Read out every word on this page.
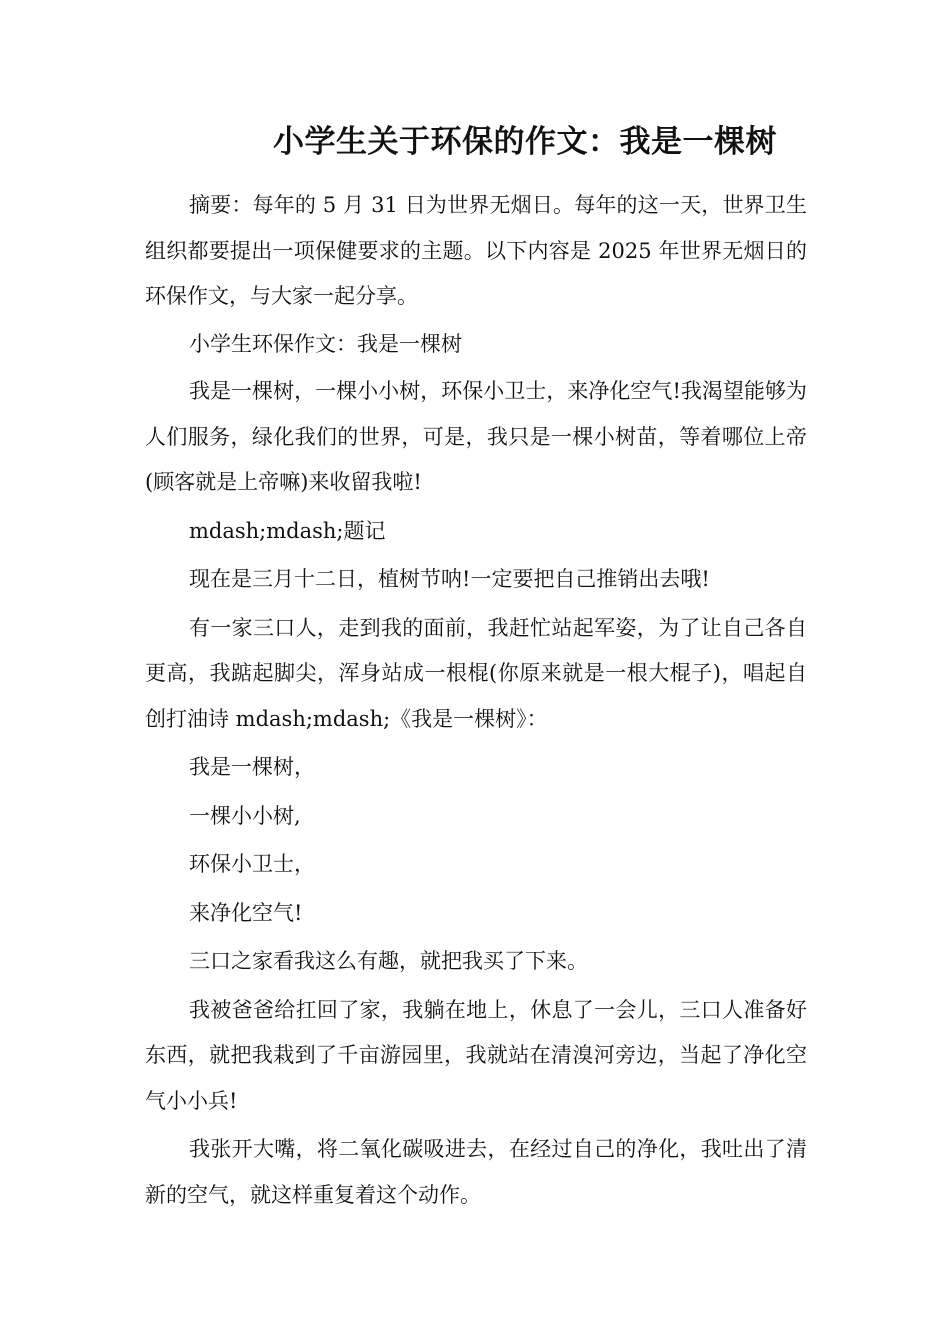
小学生关于环保的作文：我是一棵树

摘要：每年的 5 月 31 日为世界无烟日。每年的这一天，世界卫生组织都要提出一项保健要求的主题。以下内容是 2025 年世界无烟日的环保作文，与大家一起分享。

小学生环保作文：我是一棵树

我是一棵树，一棵小小树，环保小卫士，来净化空气!我渴望能够为人们服务，绿化我们的世界，可是，我只是一棵小树苗，等着哪位上帝(顾客就是上帝嘛)来收留我啦!

mdash;mdash;题记

现在是三月十二日，植树节呐!一定要把自己推销出去哦!

有一家三口人，走到我的面前，我赶忙站起军姿，为了让自己各自更高，我踮起脚尖，浑身站成一根棍(你原来就是一根大棍子)，唱起自创打油诗 mdash;mdash;《我是一棵树》：

我是一棵树，

一棵小小树,

环保小卫士，

来净化空气!

三口之家看我这么有趣，就把我买了下来。

我被爸爸给扛回了家，我躺在地上，休息了一会儿，三口人准备好东西，就把我栽到了千亩游园里，我就站在清溴河旁边，当起了净化空气小小兵!

我张开大嘴，将二氧化碳吸进去，在经过自己的净化，我吐出了清新的空气，就这样重复着这个动作。
